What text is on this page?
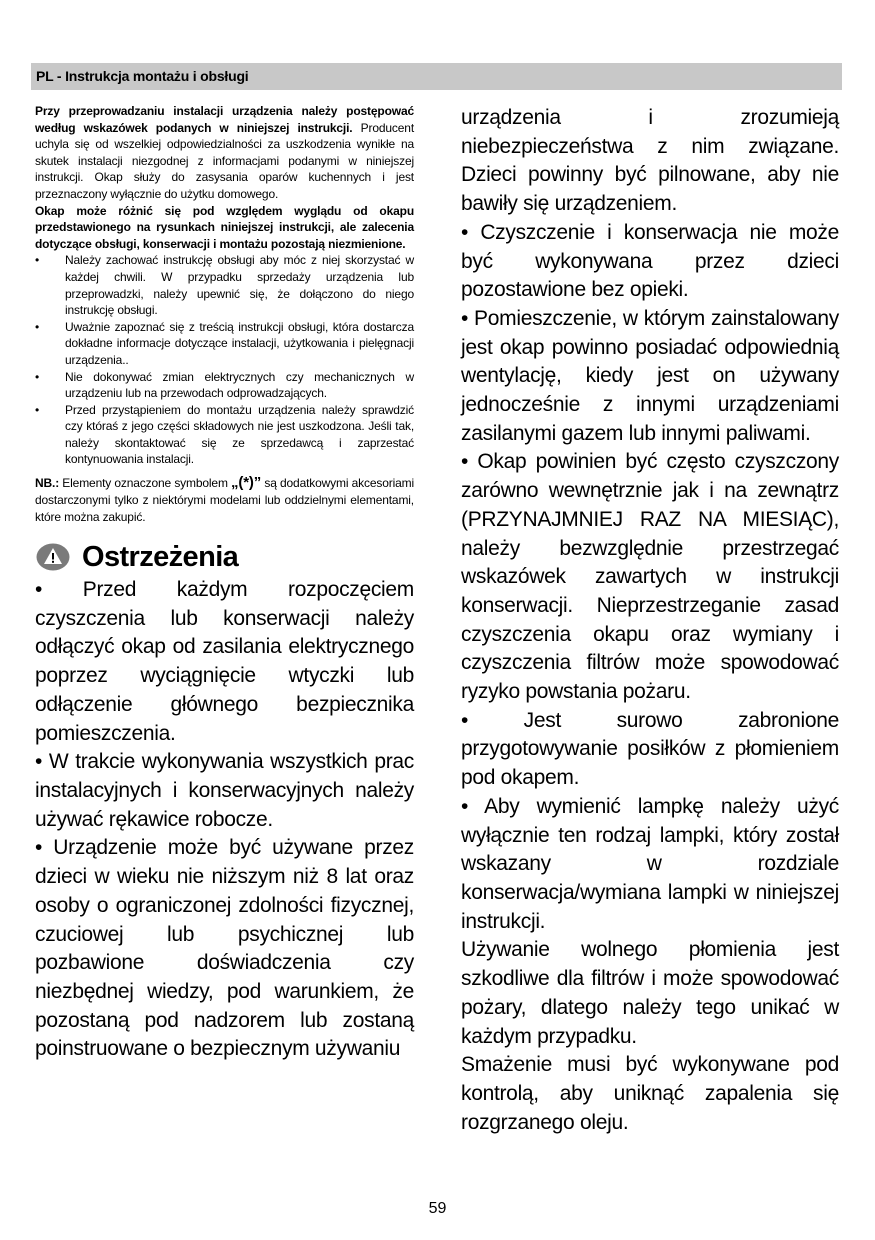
PL - Instrukcja montażu i obsługi

Przy przeprowadzaniu instalacji urządzenia należy postępować według wskazówek podanych w niniejszej instrukcji. Producent uchyla się od wszelkiej odpowiedzialności za uszkodzenia wynikłe na skutek instalacji niezgodnej z informacjami podanymi w niniejszej instrukcji. Okap służy do zasysania oparów kuchennych i jest przeznaczony wyłącznie do użytku domowego.

Okap może różnić się pod względem wyglądu od okapu przedstawionego na rysunkach niniejszej instrukcji, ale zalecenia dotyczące obsługi, konserwacji i montażu pozostają niezmienione.

• Należy zachować instrukcję obsługi aby móc z niej skorzystać w każdej chwili. W przypadku sprzedaży urządzenia lub przeprowadzki, należy upewnić się, że dołączono do niego instrukcję obsługi.
• Uważnie zapoznać się z treścią instrukcji obsługi, która dostarcza dokładne informacje dotyczące instalacji, użytkowania i pielęgnacji urządzenia..
• Nie dokonywać zmian elektrycznych czy mechanicznych w urządzeniu lub na przewodach odprowadzających.
• Przed przystąpieniem do montażu urządzenia należy sprawdzić czy któraś z jego części składowych nie jest uszkodzona. Jeśli tak, należy skontaktować się ze sprzedawcą i zaprzestać kontynuowania instalacji.
NB.: Elementy oznaczone symbolem „(*)” są dodatkowymi akcesoriami dostarczonymi tylko z niektórymi modelami lub oddzielnymi elementami, które można zakupić.
Ostrzeżenia

• Przed każdym rozpoczęciem czyszczenia lub konserwacji należy odłączyć okap od zasilania elektrycznego poprzez wyciągnięcie wtyczki lub odłączenie głównego bezpiecznika pomieszczenia.

• W trakcie wykonywania wszystkich prac instalacyjnych i konserwacyjnych należy używać rękawice robocze.

• Urządzenie może być używane przez dzieci w wieku nie niższym niż 8 lat oraz osoby o ograniczonej zdolności fizycznej, czuciowej lub psychicznej lub pozbawione doświadczenia czy niezbędnej wiedzy, pod warunkiem, że pozostaną pod nadzorem lub zostaną poinstruowane o bezpiecznym używaniu

urządzenia i zrozumieją niebezpieczeństwa z nim związane. Dzieci powinny być pilnowane, aby nie bawiły się urządzeniem.

• Czyszczenie i konserwacja nie może być wykonywana przez dzieci pozostawione bez opieki.

• Pomieszczenie, w którym zainstalowany jest okap powinno posiadać odpowiednią wentylację, kiedy jest on używany jednocześnie z innymi urządzeniami zasilanymi gazem lub innymi paliwami.

• Okap powinien być często czyszczony zarówno wewnętrznie jak i na zewnątrz (PRZYNAJMNIEJ RAZ NA MIESIĄC), należy bezwzględnie przestrzegać wskazówek zawartych w instrukcji konserwacji. Nieprzestrzeganie zasad czyszczenia okapu oraz wymiany i czyszczenia filtrów może spowodować ryzyko powstania pożaru.

• Jest surowo zabronione przygotowywanie posiłków z płomieniem pod okapem.

• Aby wymienić lampkę należy użyć wyłącznie ten rodzaj lampki, który został wskazany w rozdziale konserwacja/wymiana lampki w niniejszej instrukcji.

Używanie wolnego płomienia jest szkodliwe dla filtrów i może spowodować pożary, dlatego należy tego unikać w każdym przypadku.

Smażenie musi być wykonywane pod kontrolą, aby uniknąć zapalenia się rozgrzanego oleju.

59
